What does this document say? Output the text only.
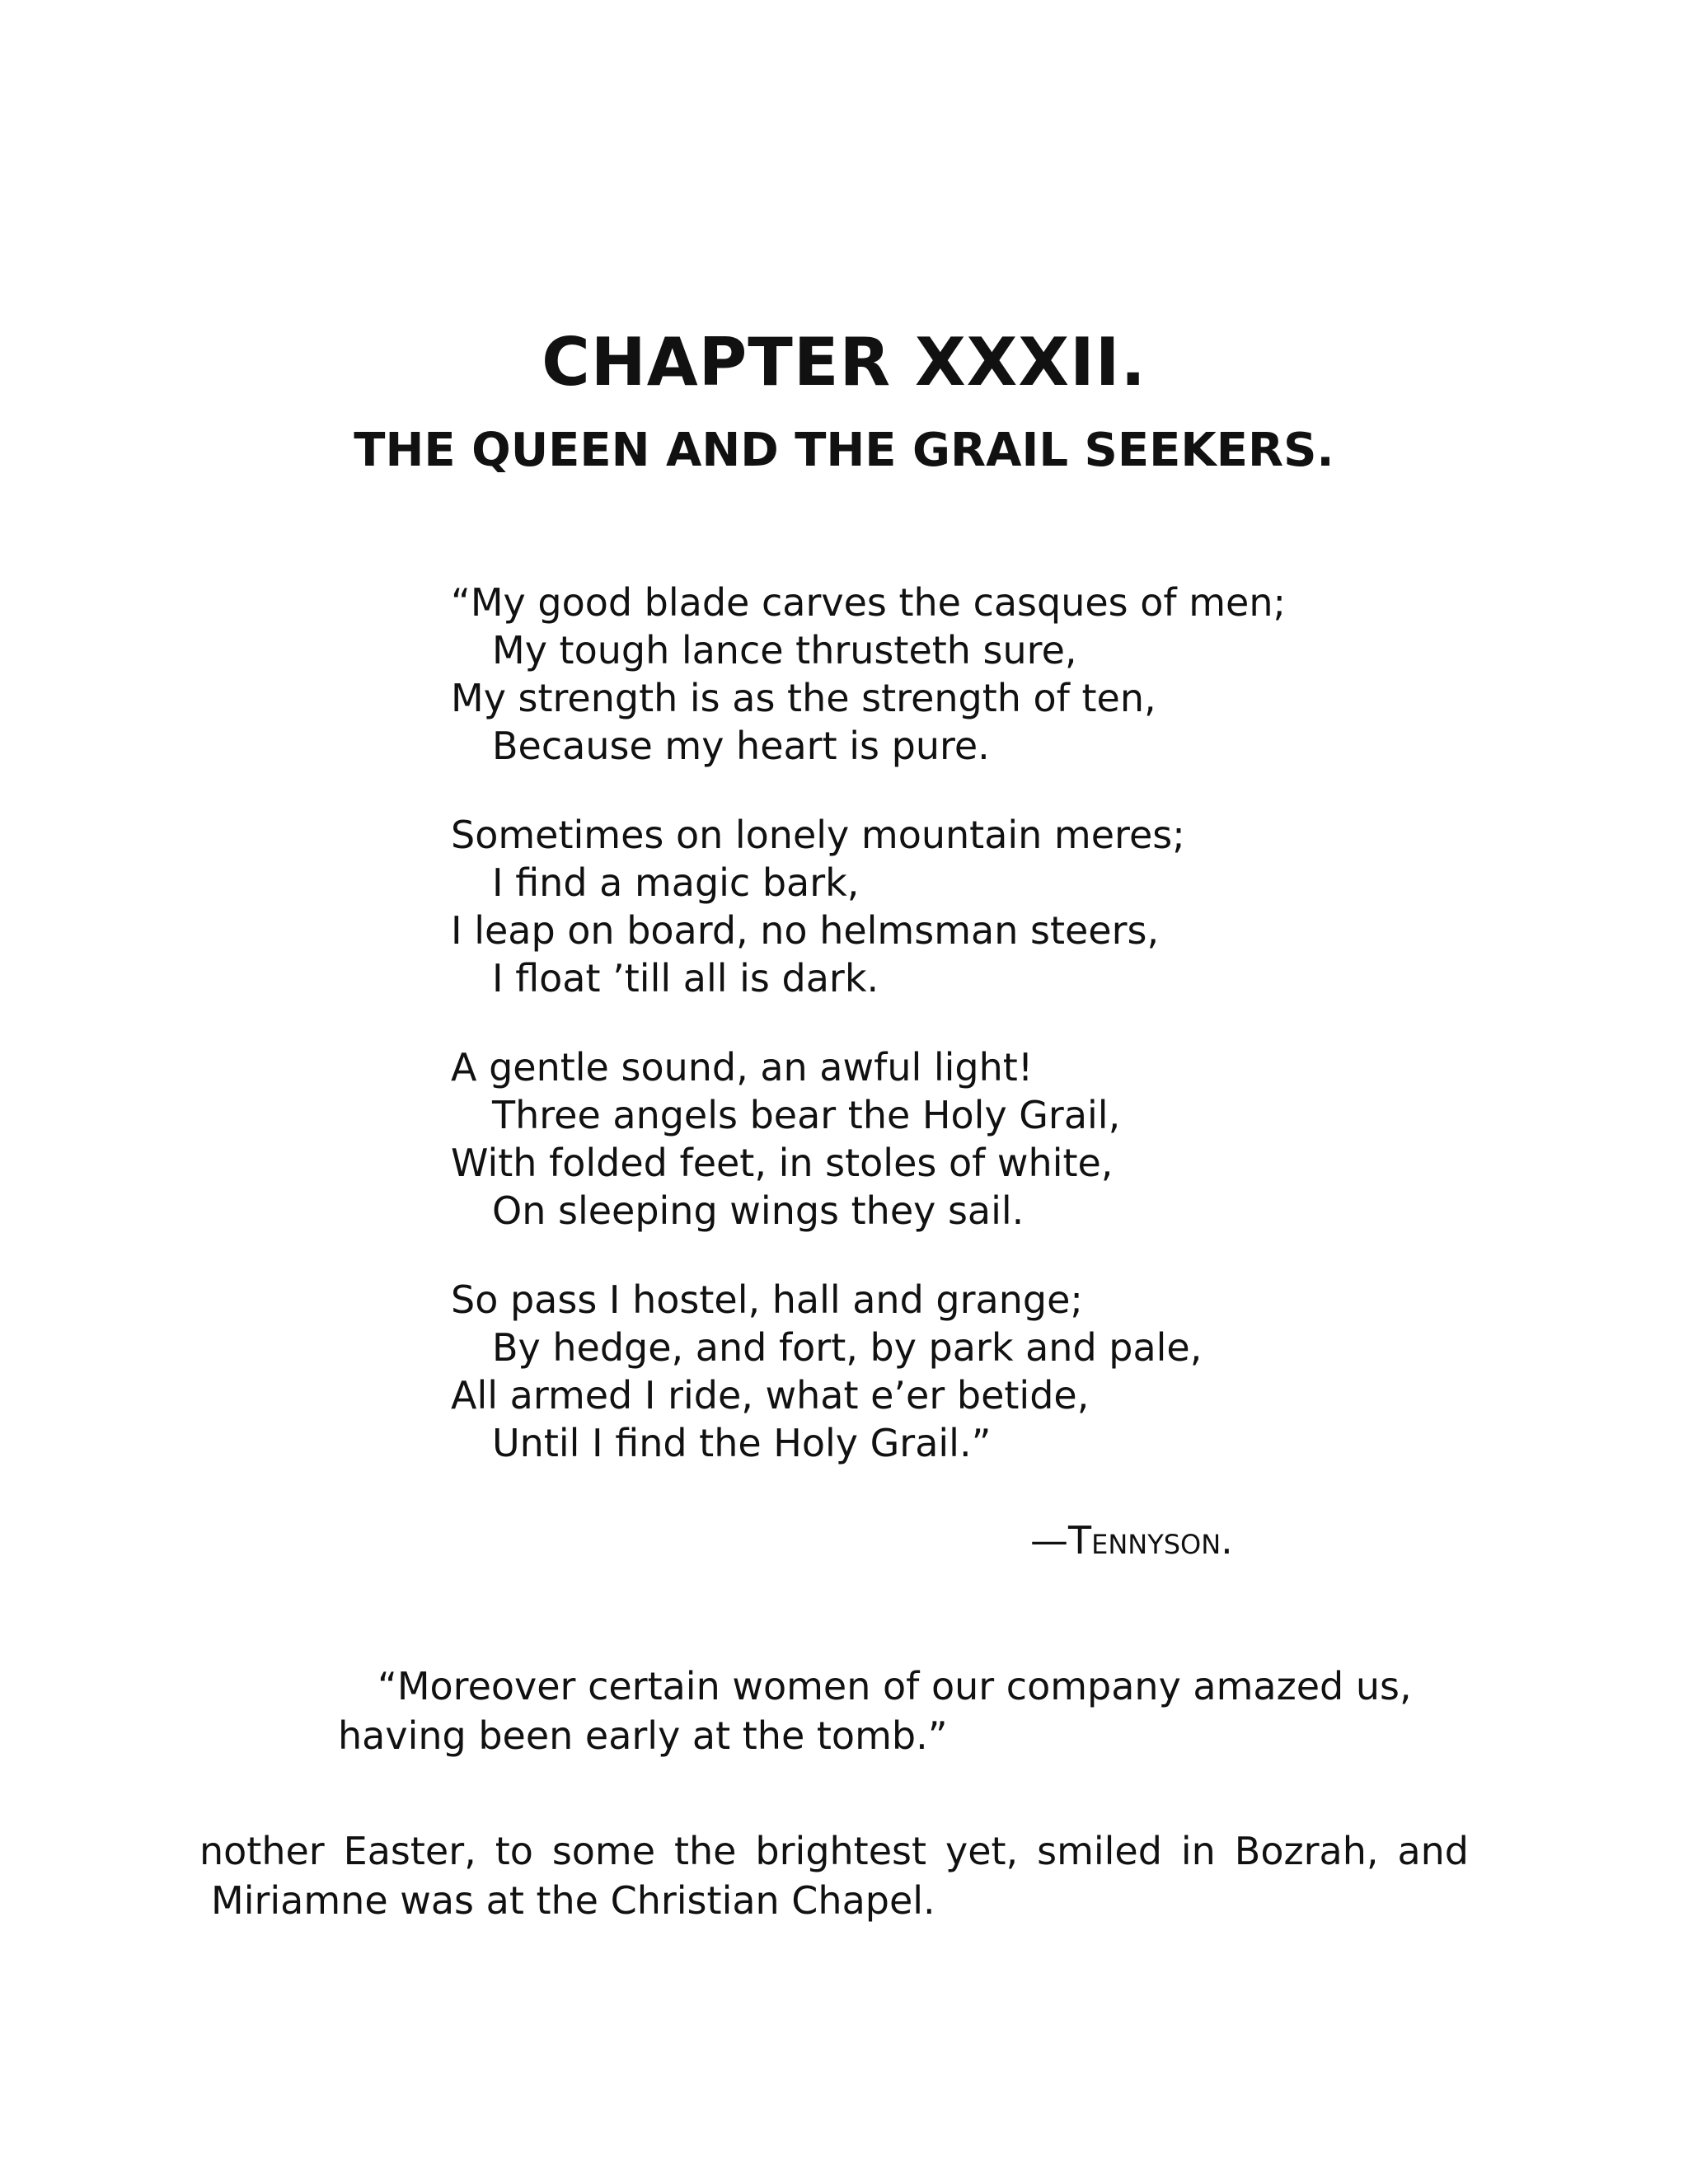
CHAPTER XXXII.
THE QUEEN AND THE GRAIL SEEKERS.
“My good blade carves the casques of men;
My tough lance thrusteth sure,
My strength is as the strength of ten,
Because my heart is pure.
Sometimes on lonely mountain meres;
I find a magic bark,
I leap on board, no helmsman steers,
I float ’till all is dark.
A gentle sound, an awful light!
Three angels bear the Holy Grail,
With folded feet, in stoles of white,
On sleeping wings they sail.
So pass I hostel, hall and grange;
By hedge, and fort, by park and pale,
All armed I ride, what e’er betide,
Until I find the Holy Grail.”
—Tennyson.
“Moreover certain women of our company amazed us,
having been early at the tomb.”
nother Easter, to some the brightest yet, smiled in Bozrah, and
Miriamne was at the Christian Chapel.
